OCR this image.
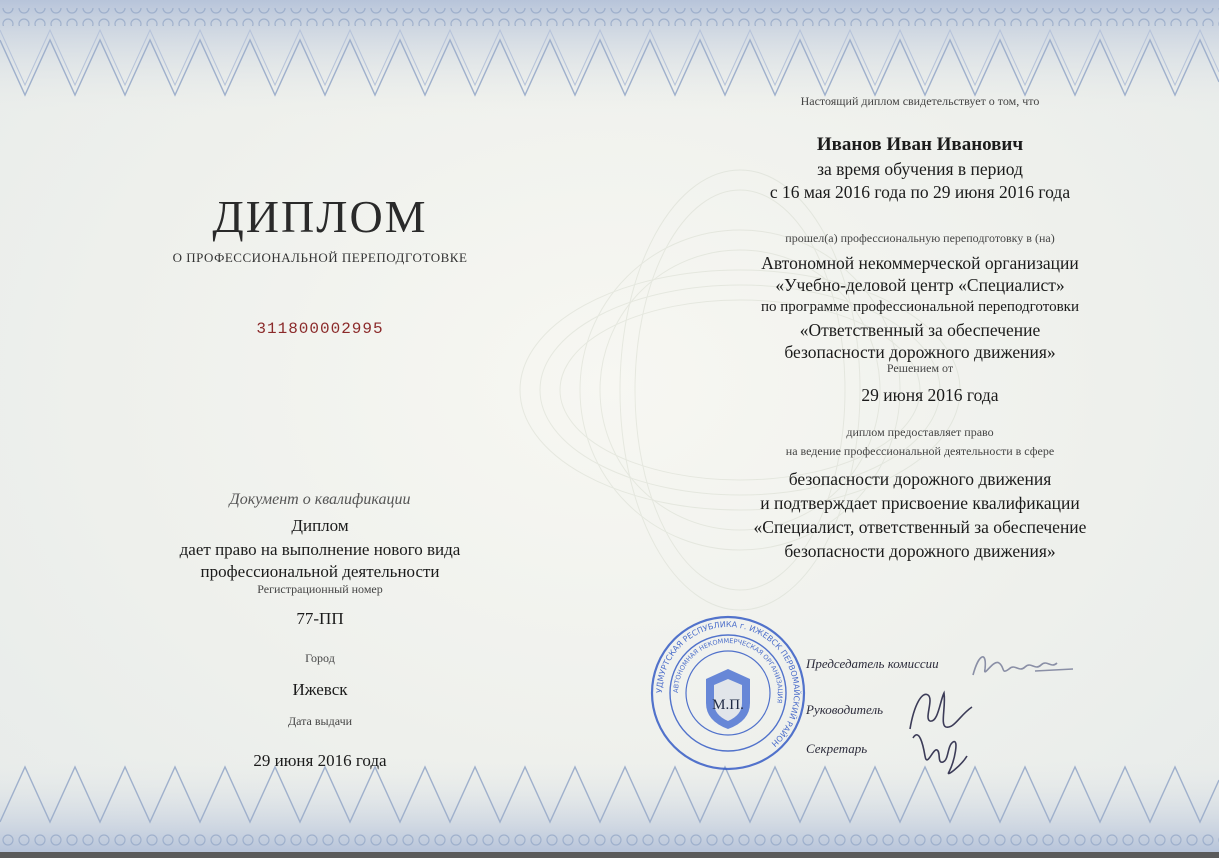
ДИПЛОМ
О ПРОФЕССИОНАЛЬНОЙ ПЕРЕПОДГОТОВКЕ
311800002995
Документ о квалификации
Диплом
дает право на выполнение нового вида
профессиональной деятельности
Регистрационный номер
77-ПП
Город
Ижевск
Дата выдачи
29 июня 2016 года
Настоящий диплом свидетельствует о том, что
Иванов Иван Иванович
за время обучения в период
с 16 мая 2016 года по 29 июня 2016 года
прошел(а) профессиональную переподготовку в (на)
Автономной некоммерческой организации
«Учебно-деловой центр «Специалист»
по программе профессиональной переподготовки
«Ответственный за обеспечение
безопасности дорожного движения»
Решением от
29 июня 2016 года
диплом предоставляет право
на ведение профессиональной деятельности в сфере
безопасности дорожного движения
и подтверждает присвоение квалификации
«Специалист, ответственный за обеспечение
безопасности дорожного движения»
УДМУРТСКАЯ РЕСПУБЛИКА г. ИЖЕВСК ПЕРВОМАЙСКИЙ РАЙОН
АВТОНОМНАЯ НЕКОММЕРЧЕСКАЯ ОРГАНИЗАЦИЯ
М.П.
Председатель комиссии
Руководитель
Секретарь
